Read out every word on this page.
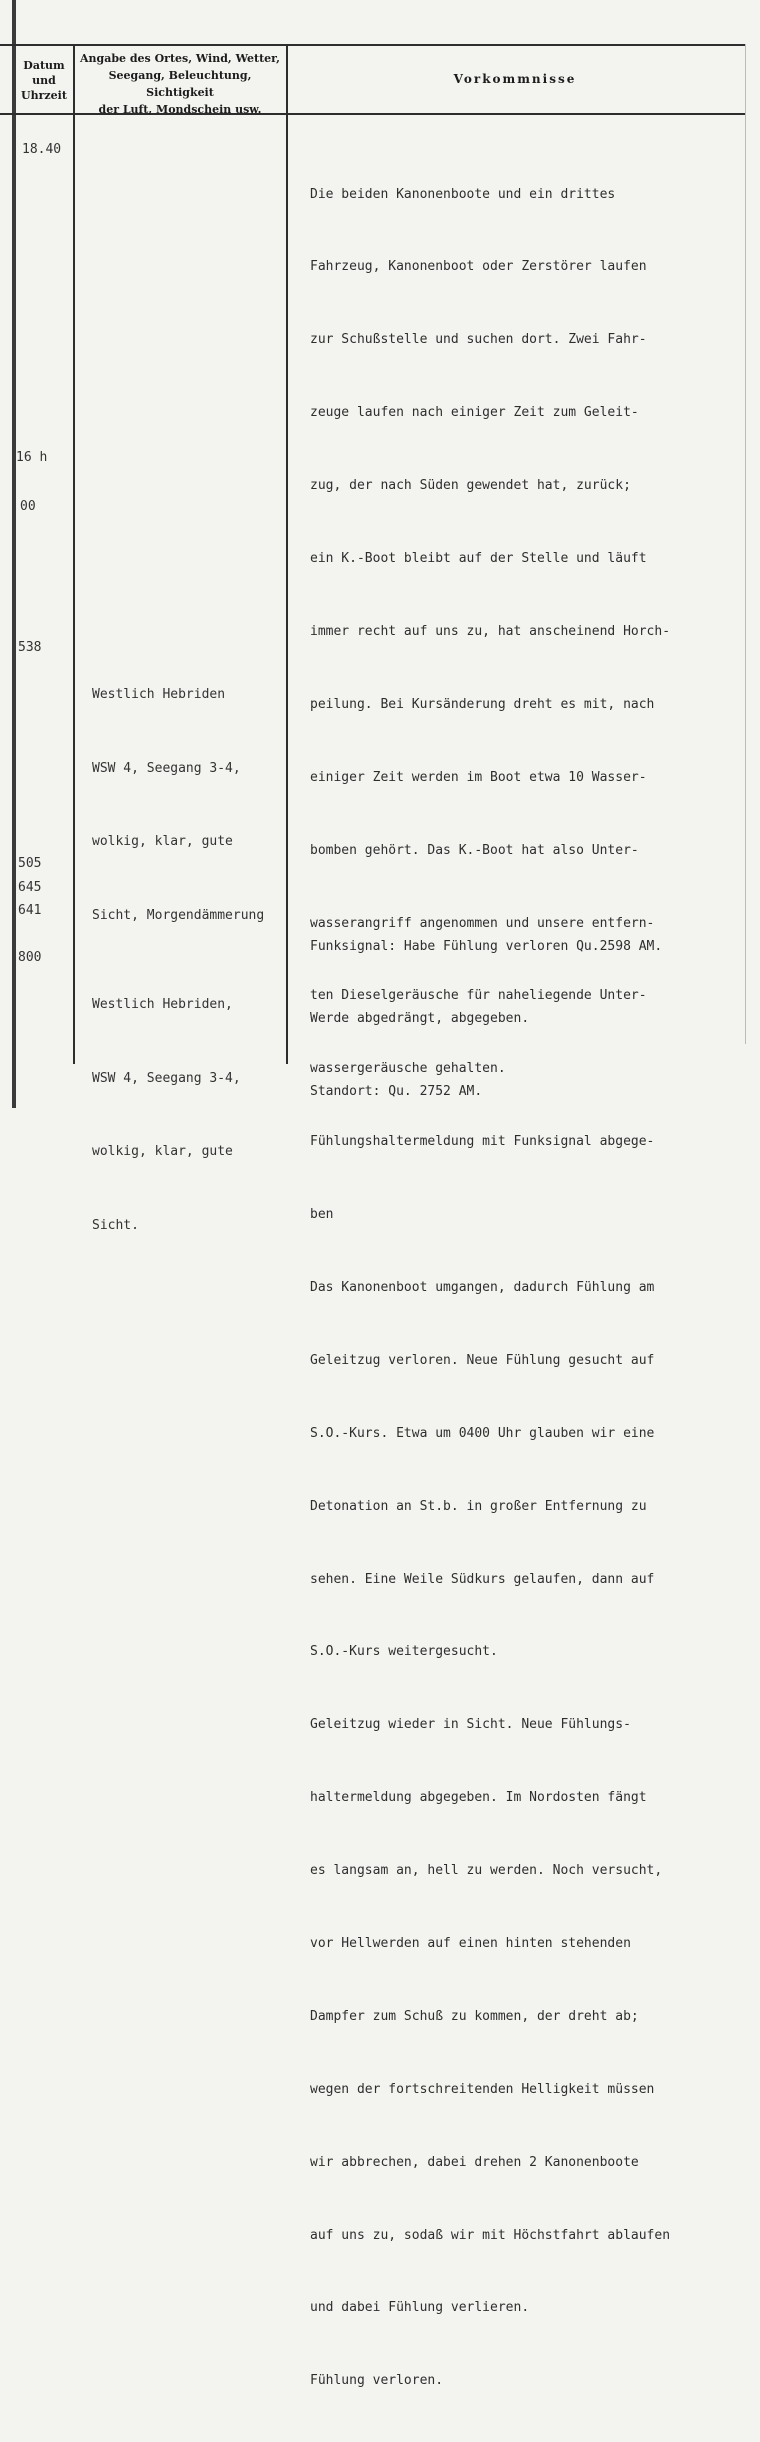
Datum
und
Uhrzeit
Angabe des Ortes, Wind, Wetter,
Seegang, Beleuchtung, Sichtigkeit
der Luft, Mondschein usw.
Vorkommnisse
18.40
16 h
00
538
505
645
641
800

Westlich Hebriden

WSW 4, Seegang 3-4,

wolkig, klar, gute

Sicht, Morgendämmerung

Westlich Hebriden,

WSW 4, Seegang 3-4,

wolkig, klar, gute

Sicht.

Die beiden Kanonenboote und ein drittes

Fahrzeug, Kanonenboot oder Zerstörer laufen

zur Schußstelle und suchen dort. Zwei Fahr-

zeuge laufen nach einiger Zeit zum Geleit-

zug, der nach Süden gewendet hat, zurück;

ein K.-Boot bleibt auf der Stelle und läuft

immer recht auf uns zu, hat anscheinend Horch-

peilung. Bei Kursänderung dreht es mit, nach

einiger Zeit werden im Boot etwa 10 Wasser-

bomben gehört. Das K.-Boot hat also Unter-

wasserangriff angenommen und unsere entfern-

ten Dieselgeräusche für naheliegende Unter-

wassergeräusche gehalten.

Fühlungshaltermeldung mit Funksignal abgege-

ben

Das Kanonenboot umgangen, dadurch Fühlung am

Geleitzug verloren. Neue Fühlung gesucht auf

S.O.-Kurs. Etwa um 0400 Uhr glauben wir eine

Detonation an St.b. in großer Entfernung zu

sehen. Eine Weile Südkurs gelaufen, dann auf

S.O.-Kurs weitergesucht.

Geleitzug wieder in Sicht. Neue Fühlungs-

haltermeldung abgegeben. Im Nordosten fängt

es langsam an, hell zu werden. Noch versucht,

vor Hellwerden auf einen hinten stehenden

Dampfer zum Schuß zu kommen, der dreht ab;

wegen der fortschreitenden Helligkeit müssen

wir abbrechen, dabei drehen 2 Kanonenboote

auf uns zu, sodaß wir mit Höchstfahrt ablaufen

und dabei Fühlung verlieren.

Fühlung verloren.

Funksignal: Habe Fühlung verloren Qu.2598 AM.

Werde abgedrängt, abgegeben.

Standort: Qu. 2752 AM.
